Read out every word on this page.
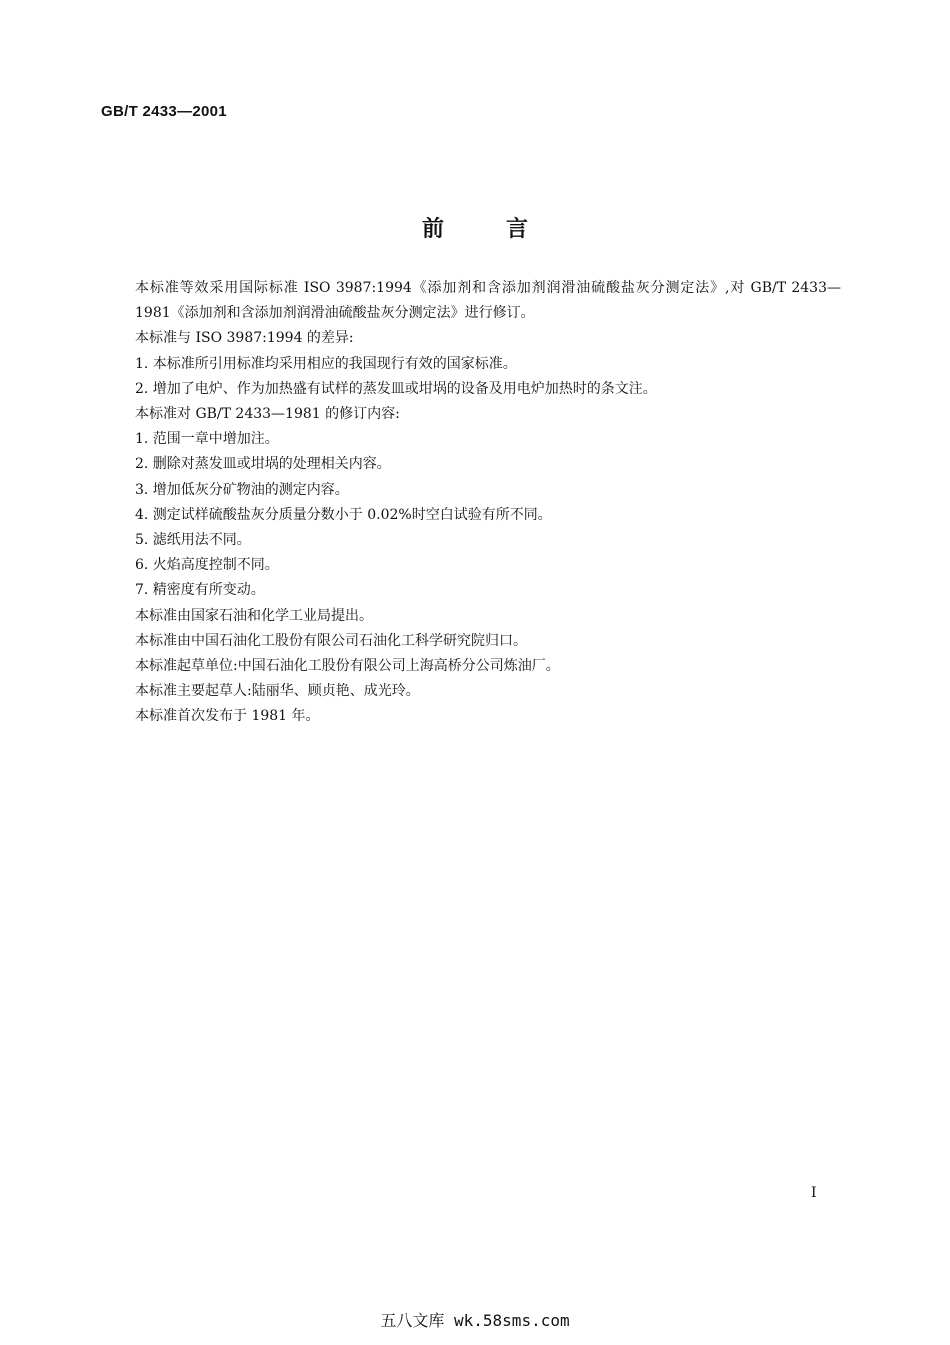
GB/T 2433—2001
前	言

本标准等效采用国际标准 ISO 3987:1994《添加剂和含添加剂润滑油硫酸盐灰分测定法》,对 GB/T 2433—1981《添加剂和含添加剂润滑油硫酸盐灰分测定法》进行修订。

本标准与 ISO 3987:1994 的差异:

1. 本标准所引用标准均采用相应的我国现行有效的国家标准。

2. 增加了电炉、作为加热盛有试样的蒸发皿或坩埚的设备及用电炉加热时的条文注。

本标准对 GB/T 2433—1981 的修订内容:

1. 范围一章中增加注。

2. 删除对蒸发皿或坩埚的处理相关内容。

3. 增加低灰分矿物油的测定内容。

4. 测定试样硫酸盐灰分质量分数小于 0.02%时空白试验有所不同。

5. 滤纸用法不同。

6. 火焰高度控制不同。

7. 精密度有所变动。

本标准由国家石油和化学工业局提出。

本标准由中国石油化工股份有限公司石油化工科学研究院归口。

本标准起草单位:中国石油化工股份有限公司上海高桥分公司炼油厂。

本标准主要起草人:陆丽华、顾贞艳、成光玲。

本标准首次发布于 1981 年。

I
五八文库 wk.58sms.com
